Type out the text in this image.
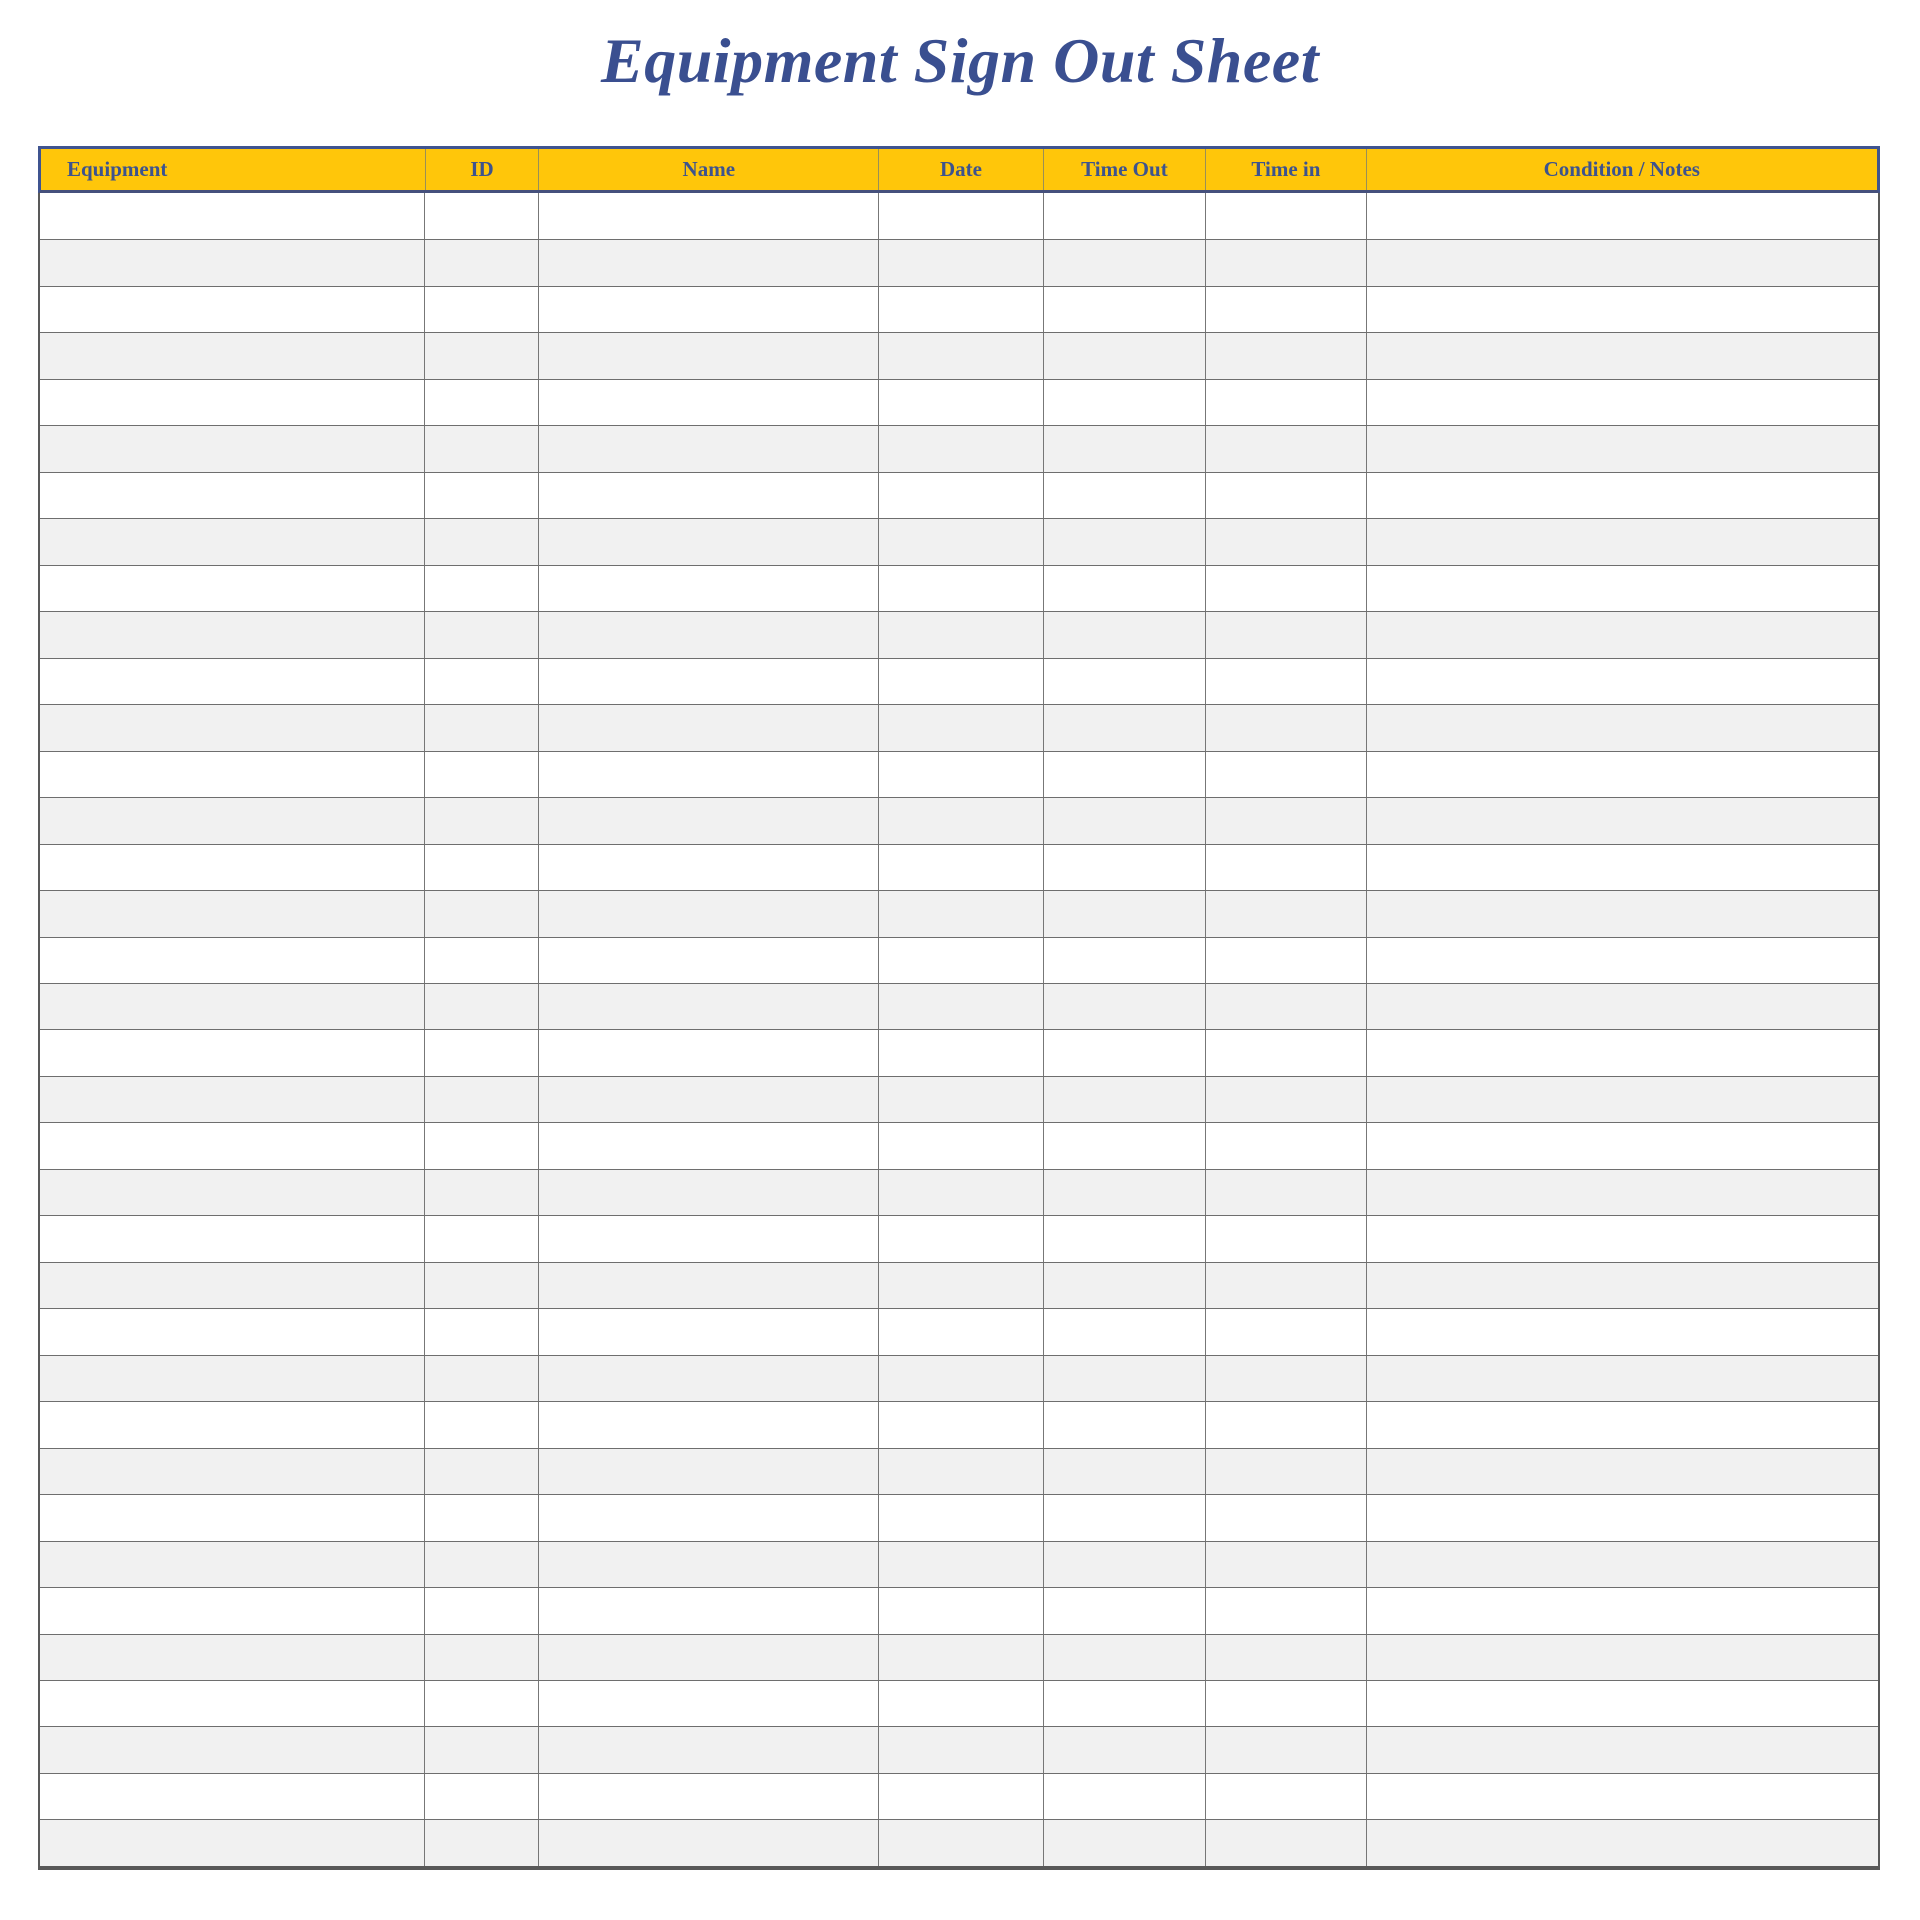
Equipment Sign Out Sheet
Equipment	ID	Name	Date	Time Out	Time in	Condition / Notes
